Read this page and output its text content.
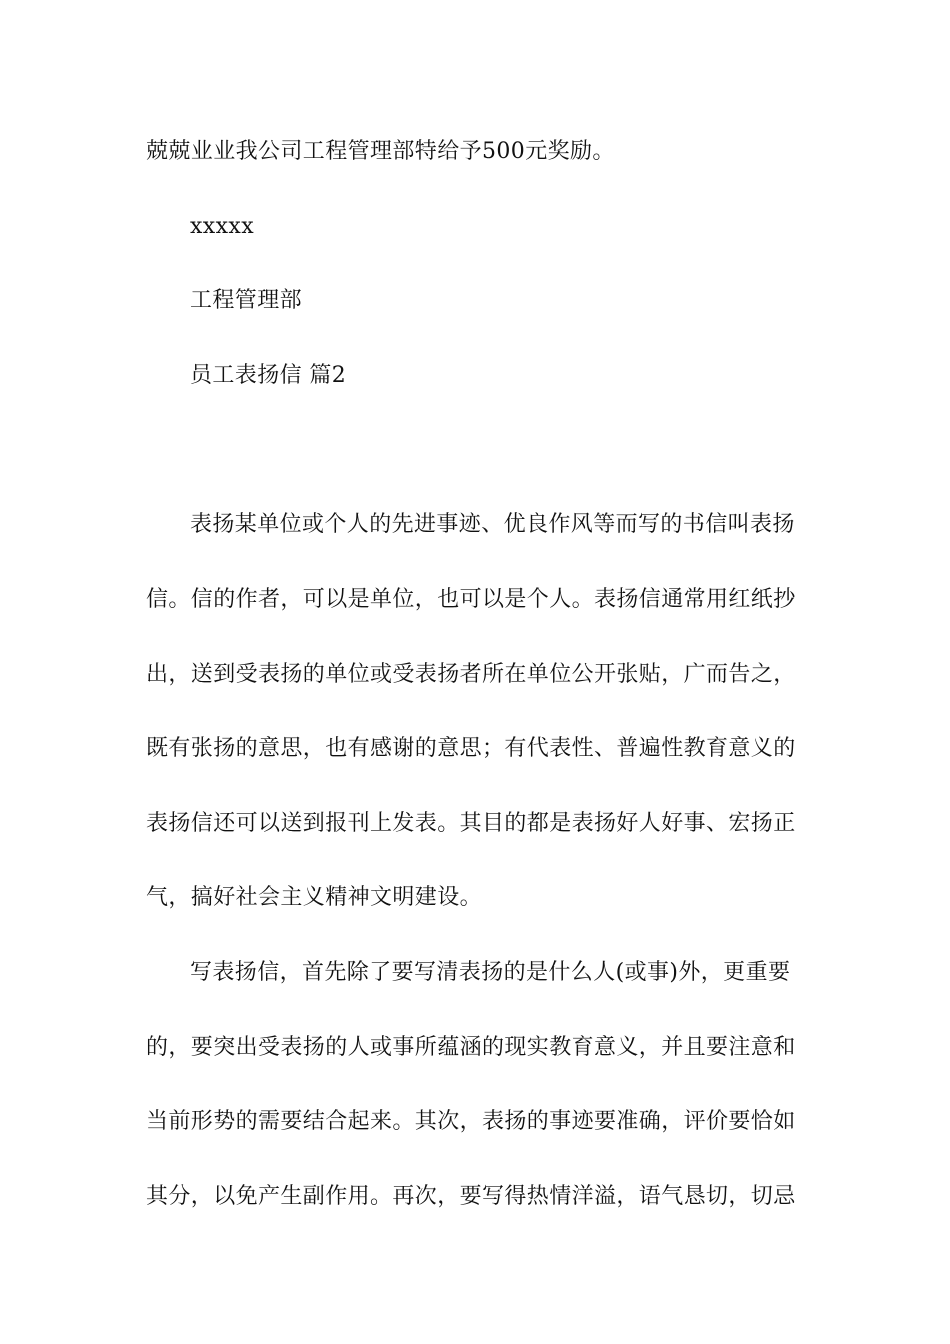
兢兢业业我公司工程管理部特给予500元奖励。
xxxxx
工程管理部
员工表扬信 篇2
表扬某单位或个人的先进事迹、优良作风等而写的书信叫表扬
信。信的作者，可以是单位，也可以是个人。表扬信通常用红纸抄
出，送到受表扬的单位或受表扬者所在单位公开张贴，广而告之，
既有张扬的意思，也有感谢的意思；有代表性、普遍性教育意义的
表扬信还可以送到报刊上发表。其目的都是表扬好人好事、宏扬正
气，搞好社会主义精神文明建设。
写表扬信，首先除了要写清表扬的是什么人(或事)外，更重要
的，要突出受表扬的人或事所蕴涵的现实教育意义，并且要注意和
当前形势的需要结合起来。其次，表扬的事迹要准确，评价要恰如
其分，以免产生副作用。再次，要写得热情洋溢，语气恳切，切忌
